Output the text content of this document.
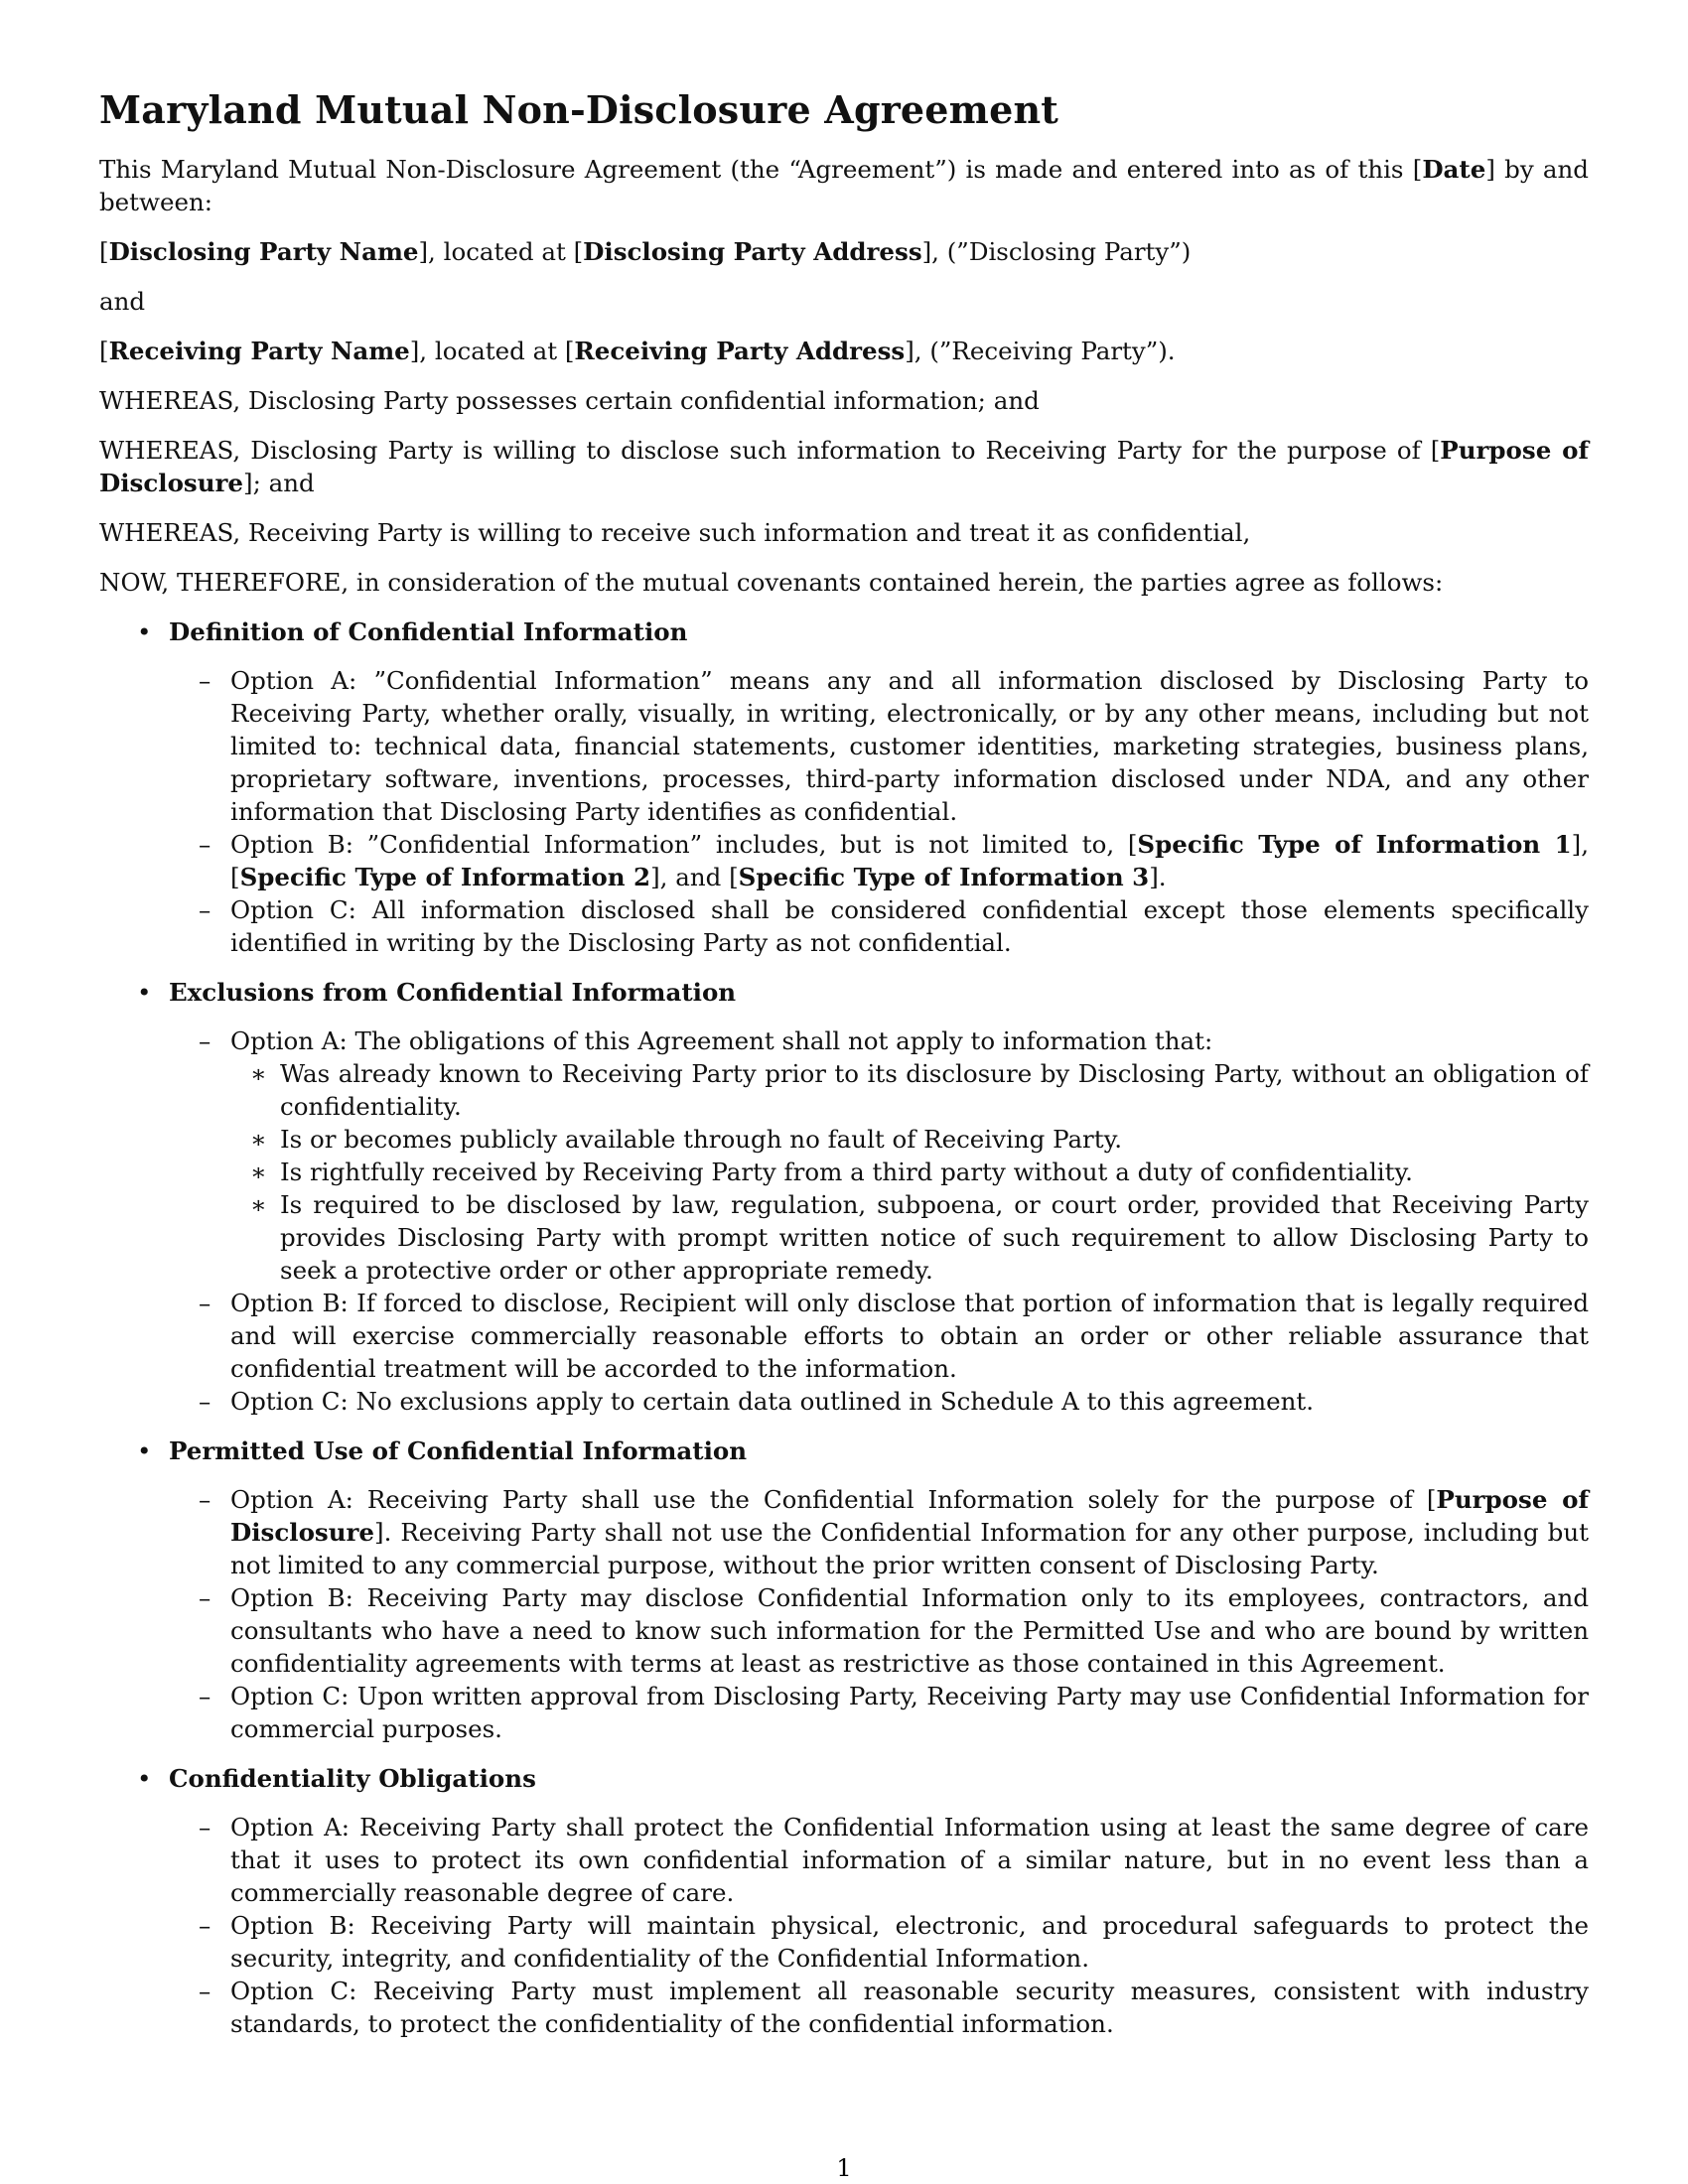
Maryland Mutual Non-Disclosure Agreement

This Maryland Mutual Non-Disclosure Agreement (the “Agreement”) is made and entered into as of this [Date] by and between:

[Disclosing Party Name], located at [Disclosing Party Address], (”Disclosing Party”)

and

[Receiving Party Name], located at [Receiving Party Address], (”Receiving Party”).

WHEREAS, Disclosing Party possesses certain confidential information; and

WHEREAS, Disclosing Party is willing to disclose such information to Receiving Party for the purpose of [Purpose of Disclosure]; and

WHEREAS, Receiving Party is willing to receive such information and treat it as confidential,

NOW, THEREFORE, in consideration of the mutual covenants contained herein, the parties agree as follows:

• Definition of Confidential Information
– Option A: ”Confidential Information” means any and all information disclosed by Disclosing Party to Receiving Party, whether orally, visually, in writing, electronically, or by any other means, including but not limited to: technical data, financial statements, customer identities, marketing strategies, business plans, proprietary software, inventions, processes, third-party information disclosed under NDA, and any other information that Disclosing Party identifies as confidential.
– Option B: ”Confidential Information” includes, but is not limited to, [Specific Type of Information 1], [Specific Type of Information 2], and [Specific Type of Information 3].
– Option C: All information disclosed shall be considered confidential except those elements specifically identified in writing by the Disclosing Party as not confidential.
• Exclusions from Confidential Information
– Option A: The obligations of this Agreement shall not apply to information that:
∗ Was already known to Receiving Party prior to its disclosure by Disclosing Party, without an obligation of confidentiality.
∗ Is or becomes publicly available through no fault of Receiving Party.
∗ Is rightfully received by Receiving Party from a third party without a duty of confidentiality.
∗ Is required to be disclosed by law, regulation, subpoena, or court order, provided that Receiving Party provides Disclosing Party with prompt written notice of such requirement to allow Disclosing Party to seek a protective order or other appropriate remedy.
– Option B: If forced to disclose, Recipient will only disclose that portion of information that is legally required and will exercise commercially reasonable efforts to obtain an order or other reliable assurance that confidential treatment will be accorded to the information.
– Option C: No exclusions apply to certain data outlined in Schedule A to this agreement.
• Permitted Use of Confidential Information
– Option A: Receiving Party shall use the Confidential Information solely for the purpose of [Purpose of Disclosure]. Receiving Party shall not use the Confidential Information for any other purpose, including but not limited to any commercial purpose, without the prior written consent of Disclosing Party.
– Option B: Receiving Party may disclose Confidential Information only to its employees, contractors, and consultants who have a need to know such information for the Permitted Use and who are bound by written confidentiality agreements with terms at least as restrictive as those contained in this Agreement.
– Option C: Upon written approval from Disclosing Party, Receiving Party may use Confidential Information for commercial purposes.
• Confidentiality Obligations
– Option A: Receiving Party shall protect the Confidential Information using at least the same degree of care that it uses to protect its own confidential information of a similar nature, but in no event less than a commercially reasonable degree of care.
– Option B: Receiving Party will maintain physical, electronic, and procedural safeguards to protect the security, integrity, and confidentiality of the Confidential Information.
– Option C: Receiving Party must implement all reasonable security measures, consistent with industry standards, to protect the confidentiality of the confidential information.
1
